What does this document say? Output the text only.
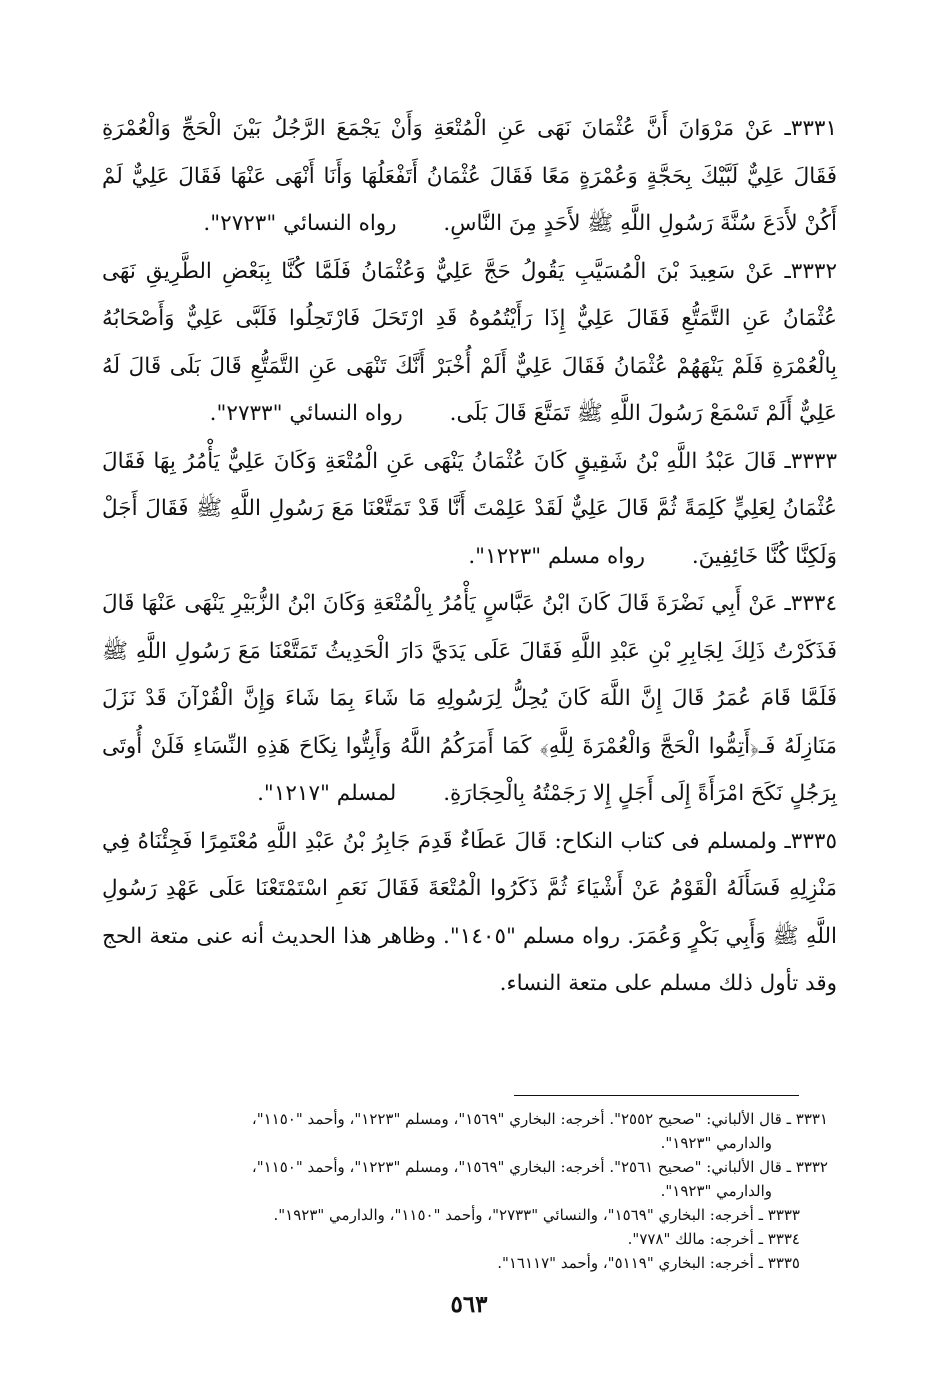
٣٣٣١ـ عَنْ مَرْوَانَ أَنَّ عُثْمَانَ نَهَى عَنِ الْمُتْعَةِ وَأَنْ يَجْمَعَ الرَّجُلُ بَيْنَ الْحَجِّ وَالْعُمْرَةِ فَقَالَ عَلِيٌّ لَبَّيْكَ بِحَجَّةٍ وَعُمْرَةٍ مَعًا فَقَالَ عُثْمَانُ أَتَفْعَلُهَا وَأَنَا أَنْهَى عَنْهَا فَقَالَ عَلِيٌّ لَمْ أَكُنْ لأَدَعَ سُنَّةَ رَسُولِ اللَّهِ ﷺ لأَحَدٍ مِنَ النَّاسِ. رواه النسائي "٢٧٢٣".

٣٣٣٢ـ عَنْ سَعِيدَ بْنَ الْمُسَيَّبِ يَقُولُ حَجَّ عَلِيٌّ وَعُثْمَانُ فَلَمَّا كُنَّا بِبَعْضِ الطَّرِيقِ نَهَى عُثْمَانُ عَنِ التَّمَتُّعِ فَقَالَ عَلِيٌّ إِذَا رَأَيْتُمُوهُ قَدِ ارْتَحَلَ فَارْتَحِلُوا فَلَبَّى عَلِيٌّ وَأَصْحَابُهُ بِالْعُمْرَةِ فَلَمْ يَنْهَهُمْ عُثْمَانُ فَقَالَ عَلِيٌّ أَلَمْ أُخْبَرْ أَنَّكَ تَنْهَى عَنِ التَّمَتُّعِ قَالَ بَلَى قَالَ لَهُ عَلِيٌّ أَلَمْ تَسْمَعْ رَسُولَ اللَّهِ ﷺ تَمَتَّعَ قَالَ بَلَى. رواه النسائي "٢٧٣٣".

٣٣٣٣ـ قَالَ عَبْدُ اللَّهِ بْنُ شَقِيقٍ كَانَ عُثْمَانُ يَنْهَى عَنِ الْمُتْعَةِ وَكَانَ عَلِيٌّ يَأْمُرُ بِهَا فَقَالَ عُثْمَانُ لِعَلِيٍّ كَلِمَةً ثُمَّ قَالَ عَلِيٌّ لَقَدْ عَلِمْتَ أَنَّا قَدْ تَمَتَّعْنَا مَعَ رَسُولِ اللَّهِ ﷺ فَقَالَ أَجَلْ وَلَكِنَّا كُنَّا خَائِفِينَ. رواه مسلم "١٢٢٣".

٣٣٣٤ـ عَنْ أَبِي نَضْرَةَ قَالَ كَانَ ابْنُ عَبَّاسٍ يَأْمُرُ بِالْمُتْعَةِ وَكَانَ ابْنُ الزُّبَيْرِ يَنْهَى عَنْهَا قَالَ فَذَكَرْتُ ذَلِكَ لِجَابِرِ بْنِ عَبْدِ اللَّهِ فَقَالَ عَلَى يَدَيَّ دَارَ الْحَدِيثُ تَمَتَّعْنَا مَعَ رَسُولِ اللَّهِ ﷺ فَلَمَّا قَامَ عُمَرُ قَالَ إِنَّ اللَّهَ كَانَ يُحِلُّ لِرَسُولِهِ مَا شَاءَ بِمَا شَاءَ وَإِنَّ الْقُرْآنَ قَدْ نَزَلَ مَنَازِلَهُ فَـ﴿أَتِمُّوا الْحَجَّ وَالْعُمْرَةَ لِلَّهِ﴾ كَمَا أَمَرَكُمُ اللَّهُ وَأَبِتُّوا نِكَاحَ هَذِهِ النِّسَاءِ فَلَنْ أُوتَى بِرَجُلٍ نَكَحَ امْرَأَةً إِلَى أَجَلٍ إِلا رَجَمْتُهُ بِالْحِجَارَةِ. لمسلم "١٢١٧".

٣٣٣٥ـ ولمسلم فى كتاب النكاح: قَالَ عَطَاءٌ قَدِمَ جَابِرُ بْنُ عَبْدِ اللَّهِ مُعْتَمِرًا فَجِئْنَاهُ فِي مَنْزِلِهِ فَسَأَلَهُ الْقَوْمُ عَنْ أَشْيَاءَ ثُمَّ ذَكَرُوا الْمُتْعَةَ فَقَالَ نَعَمِ اسْتَمْتَعْنَا عَلَى عَهْدِ رَسُولِ اللَّهِ ﷺ وَأَبِي بَكْرٍ وَعُمَرَ. رواه مسلم "١٤٠٥". وظاهر هذا الحديث أنه عنى متعة الحج وقد تأول ذلك مسلم على متعة النساء.

٣٣٣١ ـ قال الألباني: "صحيح ٢٥٥٢". أخرجه: البخاري "١٥٦٩"، ومسلم "١٢٢٣"، وأحمد "١١٥٠"،
والدارمي "١٩٢٣".
٣٣٣٢ ـ قال الألباني: "صحيح ٢٥٦١". أخرجه: البخاري "١٥٦٩"، ومسلم "١٢٢٣"، وأحمد "١١٥٠"،
والدارمي "١٩٢٣".
٣٣٣٣ ـ أخرجه: البخاري "١٥٦٩"، والنسائي "٢٧٣٣"، وأحمد "١١٥٠"، والدارمي "١٩٢٣".
٣٣٣٤ ـ أخرجه: مالك "٧٧٨".
٣٣٣٥ ـ أخرجه: البخاري "٥١١٩"، وأحمد "١٦١١٧".
٥٦٣
